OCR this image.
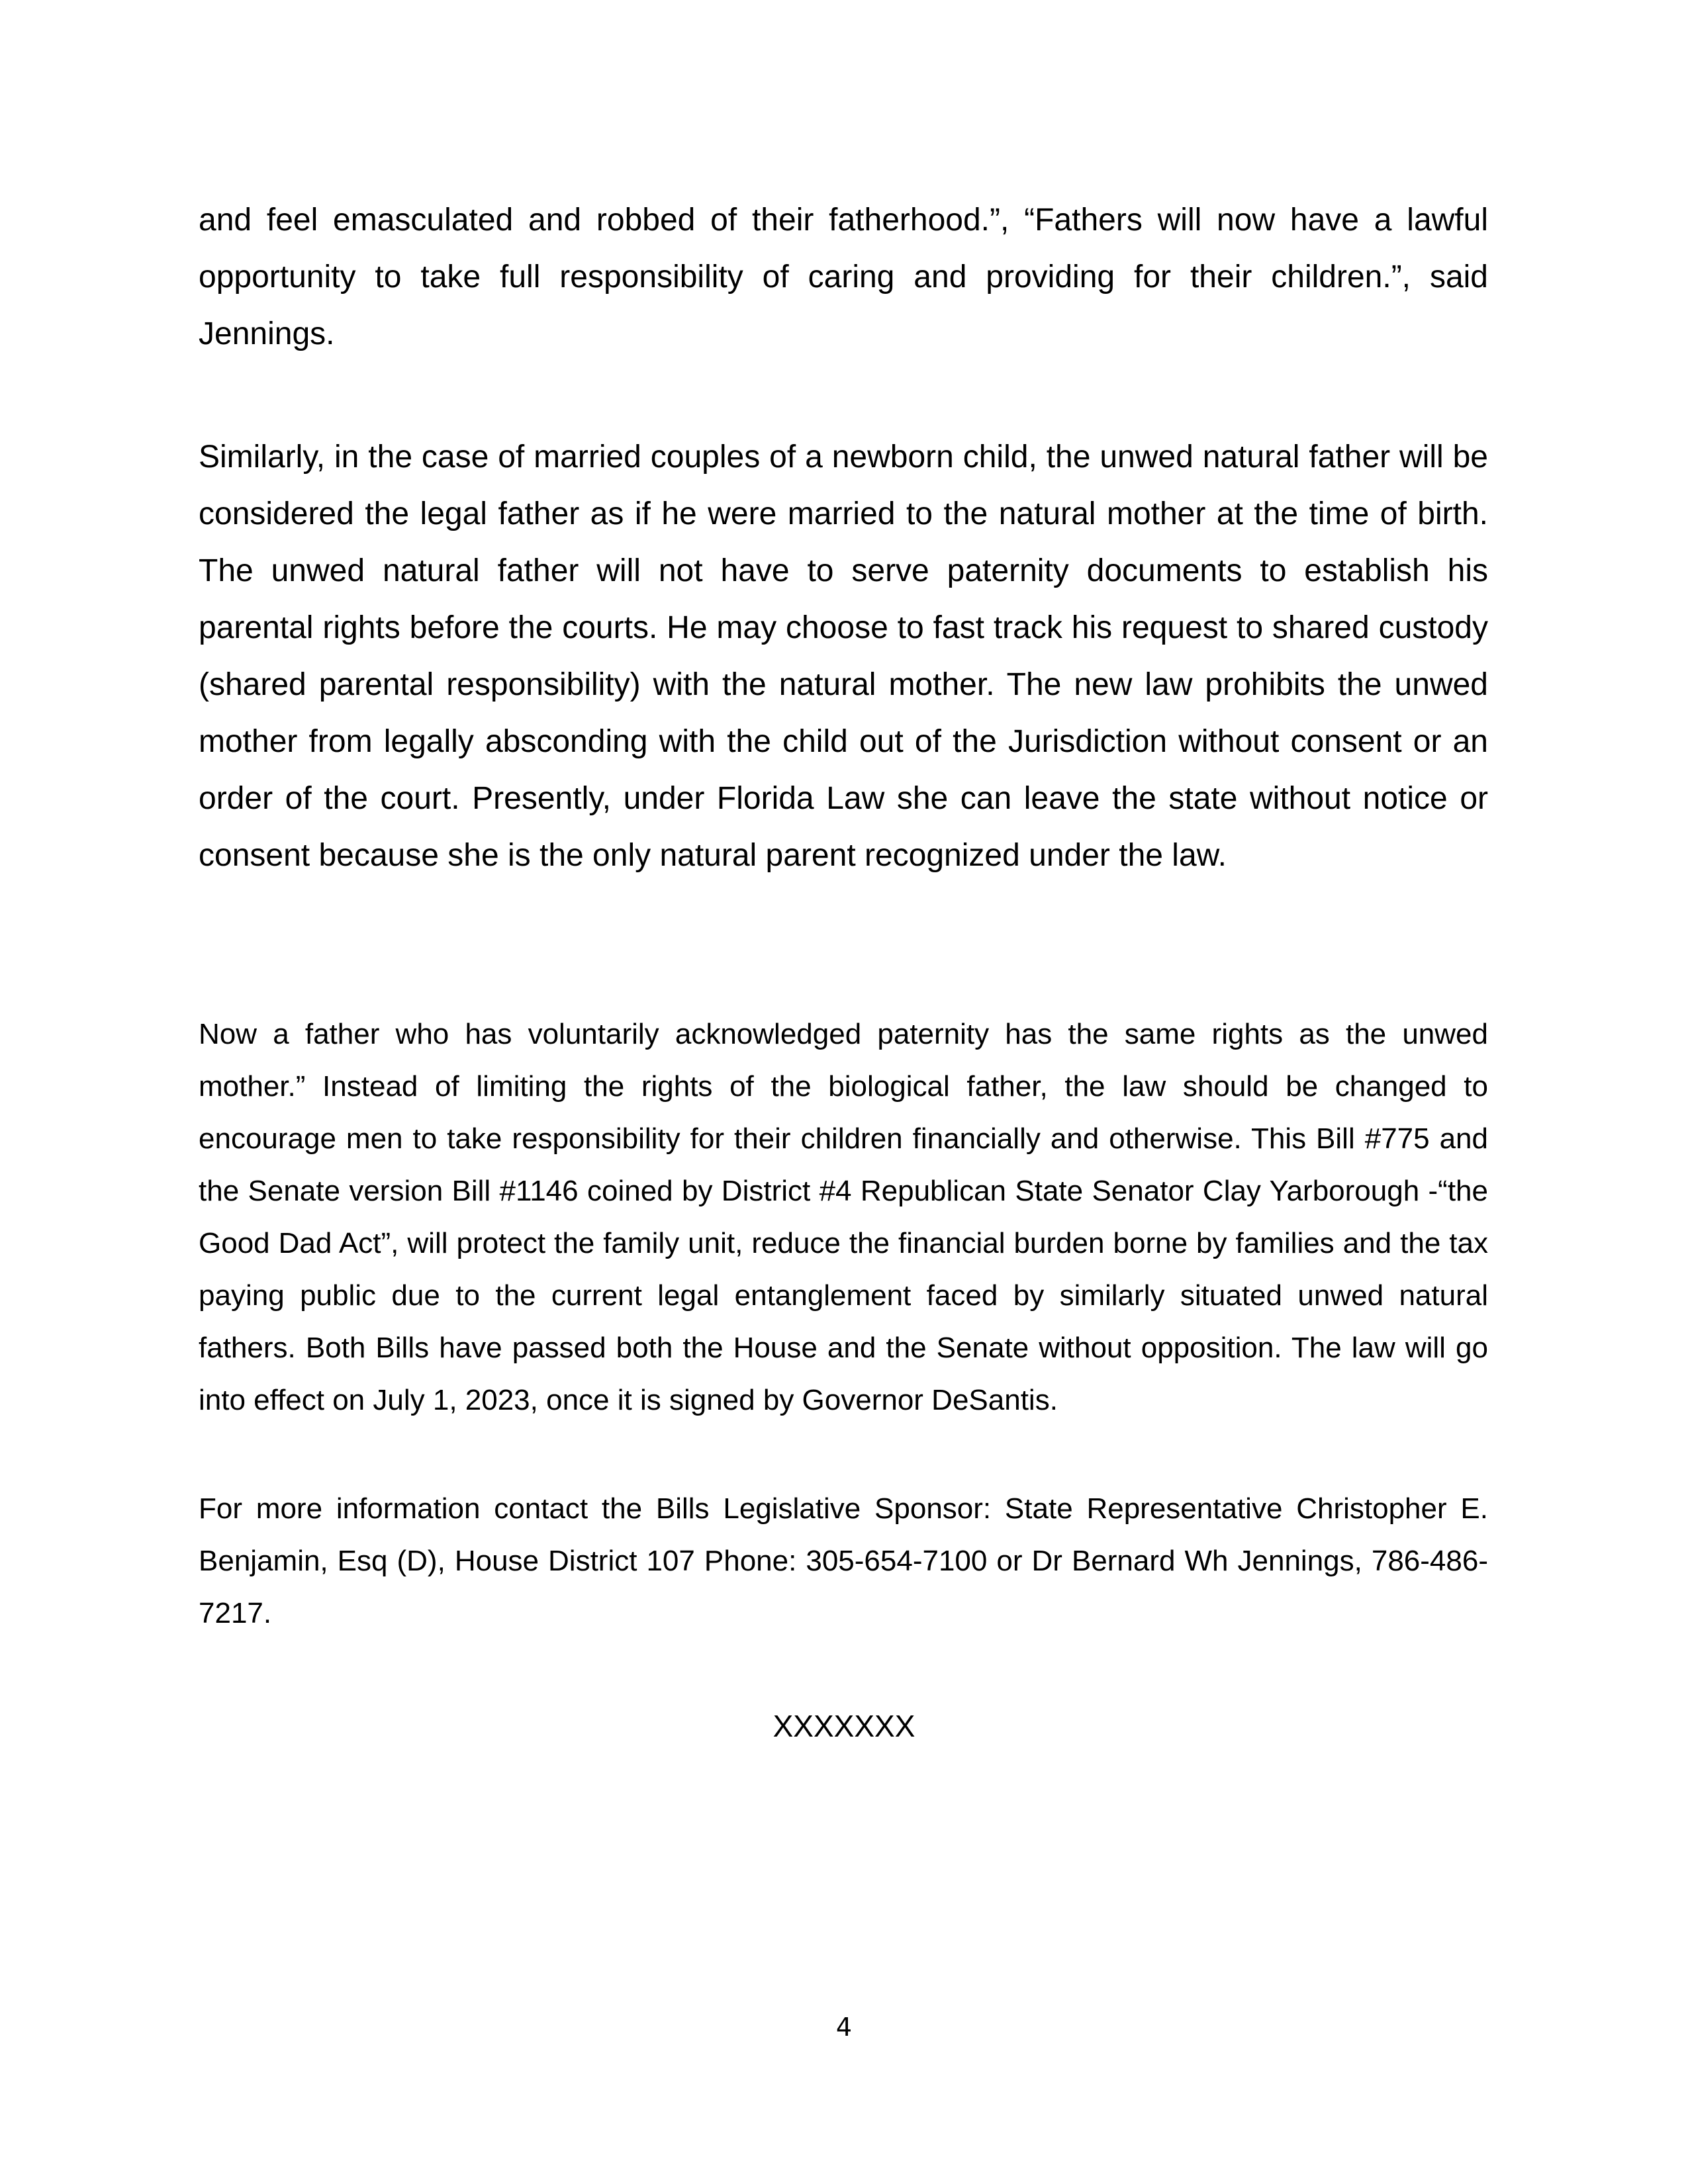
and feel emasculated and robbed of their fatherhood.”, “Fathers will now have a lawful opportunity to take full responsibility of caring and providing for their children.”, said Jennings.

Similarly, in the case of married couples of a newborn child, the unwed natural father will be considered the legal father as if he were married to the natural mother at the time of birth. The unwed natural father will not have to serve paternity documents to establish his parental rights before the courts. He may choose to fast track his request to shared custody (shared parental responsibility) with the natural mother. The new law prohibits the unwed mother from legally absconding with the child out of the Jurisdiction without consent or an order of the court. Presently, under Florida Law she can leave the state without notice or consent because she is the only natural parent recognized under the law.

Now a father who has voluntarily acknowledged paternity has the same rights as the unwed mother.” Instead of limiting the rights of the biological father, the law should be changed to encourage men to take responsibility for their children financially and otherwise. This Bill #775 and the Senate version Bill #1146 coined by District #4 Republican State Senator Clay Yarborough -“the Good Dad Act”, will protect the family unit, reduce the financial burden borne by families and the tax paying public due to the current legal entanglement faced by similarly situated unwed natural fathers. Both Bills have passed both the House and the Senate without opposition. The law will go into effect on July 1, 2023, once it is signed by Governor DeSantis.

For more information contact the Bills Legislative Sponsor: State Representative Christopher E. Benjamin, Esq (D), House District 107 Phone: 305-654-7100 or Dr Bernard Wh Jennings, 786-486-7217.

XXXXXXX
4
